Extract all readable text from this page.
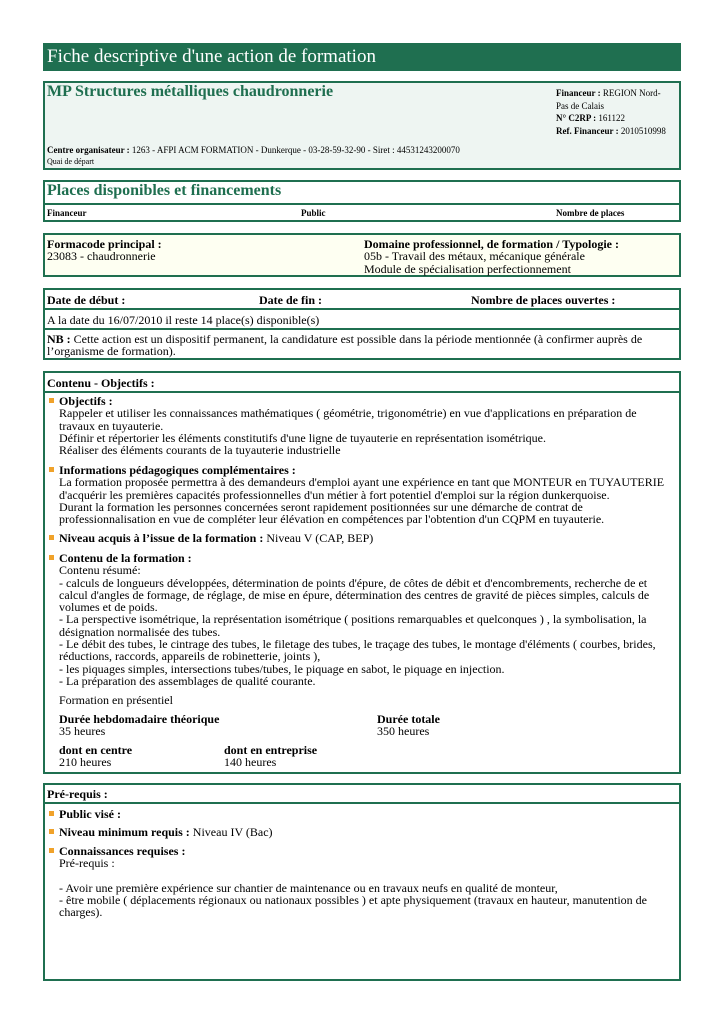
Fiche descriptive d'une action de formation
MP Structures métalliques chaudronnerie	Financeur : REGION Nord-
Pas de Calais
N° C2RP : 161122
Ref. Financeur : 2010510998
Centre organisateur : 1263 - AFPI ACM FORMATION - Dunkerque - 03-28-59-32-90 - Siret : 44531243200070
Quai de départ
Places disponibles et financements
Financeur	Public	Nombre de places
Formacode principal :
23083 - chaudronnerie
Domaine professionnel, de formation / Typologie :
05b - Travail des métaux, mécanique générale
Module de spécialisation perfectionnement
Date de début :	Date de fin :	Nombre de places ouvertes :
A la date du 16/07/2010 il reste 14 place(s) disponible(s)
NB : Cette action est un dispositif permanent, la candidature est possible dans la période mentionnée (à confirmer auprès de
l’organisme de formation).
Contenu - Objectifs :
Objectifs :
Rappeler et utiliser les connaissances mathématiques ( géométrie, trigonométrie) en vue d'applications en préparation de
travaux en tuyauterie.
Définir et répertorier les éléments constitutifs d'une ligne de tuyauterie en représentation isométrique.
Réaliser des éléments courants de la tuyauterie industrielle
Informations pédagogiques complémentaires :
La formation proposée permettra à des demandeurs d'emploi ayant une expérience en tant que MONTEUR en TUYAUTERIE
d'acquérir les premières capacités professionnelles d'un métier à fort potentiel d'emploi sur la région dunkerquoise.
Durant la formation les personnes concernées seront rapidement positionnées sur une démarche de contrat de
professionnalisation en vue de compléter leur élévation en compétences par l'obtention d'un CQPM en tuyauterie.
Niveau acquis à l’issue de la formation : Niveau V (CAP, BEP)
Contenu de la formation :
Contenu résumé:
- calculs de longueurs développées, détermination de points d'épure, de côtes de débit et d'encombrements, recherche de et
calcul d'angles de formage, de réglage, de mise en épure, détermination des centres de gravité de pièces simples, calculs de
volumes et de poids.
- La perspective isométrique, la représentation isométrique ( positions remarquables et quelconques ) , la symbolisation, la
désignation normalisée des tubes.
- Le débit des tubes, le cintrage des tubes, le filetage des tubes, le traçage des tubes, le montage d'éléments ( courbes, brides,
réductions, raccords, appareils de robinetterie, joints ),
- les piquages simples, intersections tubes/tubes, le piquage en sabot, le piquage en injection.
- La préparation des assemblages de qualité courante.
Formation en présentiel
Durée hebdomadaire théorique
35 heures
Durée totale
350 heures
dont en centre
210 heures
dont en entreprise
140 heures
Pré-requis :
Public visé :
Niveau minimum requis : Niveau IV (Bac)
Connaissances requises :
Pré-requis :
- Avoir une première expérience sur chantier de maintenance ou en travaux neufs en qualité de monteur,
- être mobile ( déplacements régionaux ou nationaux possibles ) et apte physiquement (travaux en hauteur, manutention de
charges).
